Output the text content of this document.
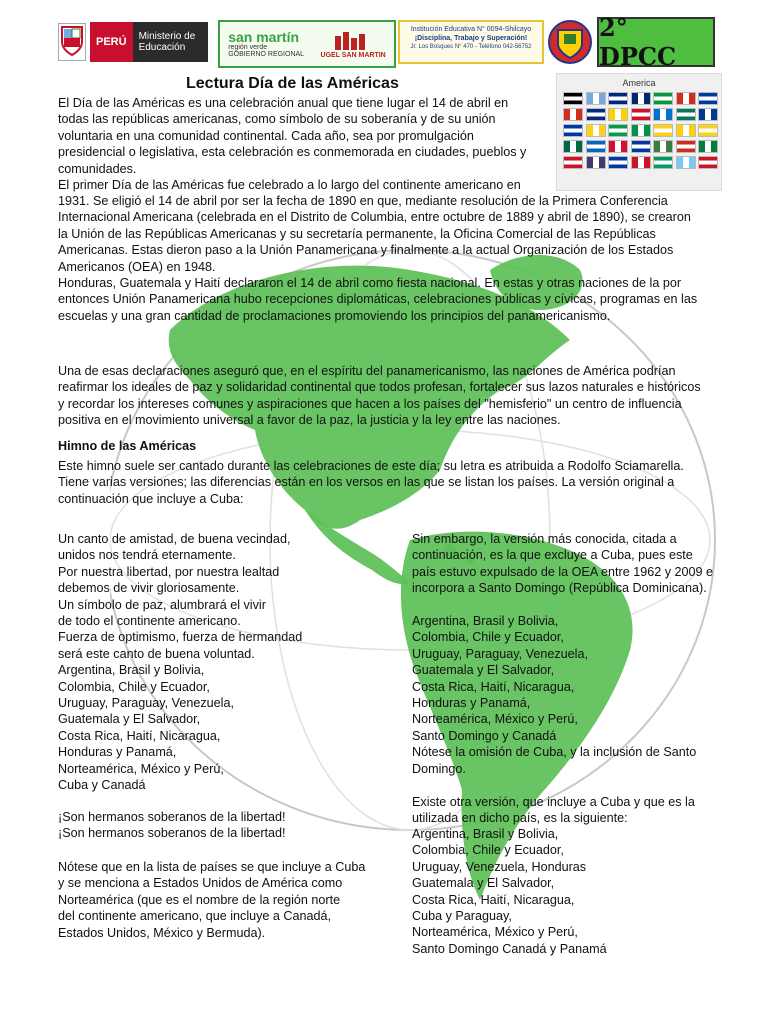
PERÚ	Ministerio de Educación
san martín
región verde
GOBIERNO REGIONAL UGEL SAN MARTIN
Institución Educativa N° 0094-Shilcayo
¡Disciplina, Trabajo y Superación!
Jr. Los Bosques N° 470 - Teléfono 042-56752
2° DPCC
America
Lectura Día de las Américas
El Día de las Américas es una celebración anual que tiene lugar el 14 de abril en
todas las repúblicas americanas, como símbolo de su soberanía y de su unión
voluntaria en una comunidad continental. Cada año, sea por promulgación
presidencial o legislativa, esta celebración es conmemorada en ciudades, pueblos y
comunidades.
El primer Día de las Américas fue celebrado a lo largo del continente americano en
1931. Se eligió el 14 de abril por ser la fecha de 1890 en que, mediante resolución de la Primera Conferencia
Internacional Americana (celebrada en el Distrito de Columbia, entre octubre de 1889 y abril de 1890), se crearon
la Unión de las Repúblicas Americanas y su secretaría permanente, la Oficina Comercial de las Repúblicas
Americanas. Estas dieron paso a la Unión Panamericana y finalmente a la actual Organización de los Estados
Americanos (OEA) en 1948.
Honduras, Guatemala y Haití declararon el 14 de abril como fiesta nacional. En estas y otras naciones de la por
entonces Unión Panamericana hubo recepciones diplomáticas, celebraciones públicas y cívicas, programas en las
escuelas y una gran cantidad de proclamaciones promoviendo los principios del panamericanismo.
Una de esas declaraciones aseguró que, en el espíritu del panamericanismo, las naciones de América podrían
reafirmar los ideales de paz y solidaridad continental que todos profesan, fortalecer sus lazos naturales e históricos
y recordar los intereses comunes y aspiraciones que hacen a los países del "hemisferio" un centro de influencia
positiva en el movimiento universal a favor de la paz, la justicia y la ley entre las naciones.
Himno de las Américas
Este himno suele ser cantado durante las celebraciones de este día; su letra es atribuida a Rodolfo Sciamarella.
Tiene varias versiones; las diferencias están en los versos en las que se listan los países. La versión original a
continuación que incluye a Cuba:
Un canto de amistad, de buena vecindad,
unidos nos tendrá eternamente.
Por nuestra libertad, por nuestra lealtad
debemos de vivir gloriosamente.
Un símbolo de paz, alumbrará el vivir
de todo el continente americano.
Fuerza de optimismo, fuerza de hermandad
será este canto de buena voluntad.
Argentina, Brasil y Bolivia,
Colombia, Chile y Ecuador,
Uruguay, Paraguay, Venezuela,
Guatemala y El Salvador,
Costa Rica, Haití, Nicaragua,
Honduras y Panamá,
Norteamérica, México y Perú,
Cuba y Canadá
¡Son hermanos soberanos de la libertad!
¡Son hermanos soberanos de la libertad!
Nótese que en la lista de países se que incluye a Cuba
y se menciona a Estados Unidos de América como
Norteamérica (que es el nombre de la región norte
del continente americano, que incluye a Canadá,
Estados Unidos, México y Bermuda).
Sin embargo, la versión más conocida, citada a
continuación, es la que excluye a Cuba, pues este
país estuvo expulsado de la OEA entre 1962 y 2009 e
incorpora a Santo Domingo (República Dominicana).
Argentina, Brasil y Bolivia,
Colombia, Chile y Ecuador,
Uruguay, Paraguay, Venezuela,
Guatemala y El Salvador,
Costa Rica, Haití, Nicaragua,
Honduras y Panamá,
Norteamérica, México y Perú,
Santo Domingo y Canadá
Nótese la omisión de Cuba, y la inclusión de Santo
Domingo.
Existe otra versión, que incluye a Cuba y que es la
utilizada en dicho país, es la siguiente:
Argentina, Brasil y Bolivia,
Colombia, Chile y Ecuador,
Uruguay, Venezuela, Honduras
Guatemala y El Salvador,
Costa Rica, Haití, Nicaragua,
Cuba y Paraguay,
Norteamérica, México y Perú,
Santo Domingo Canadá y Panamá
